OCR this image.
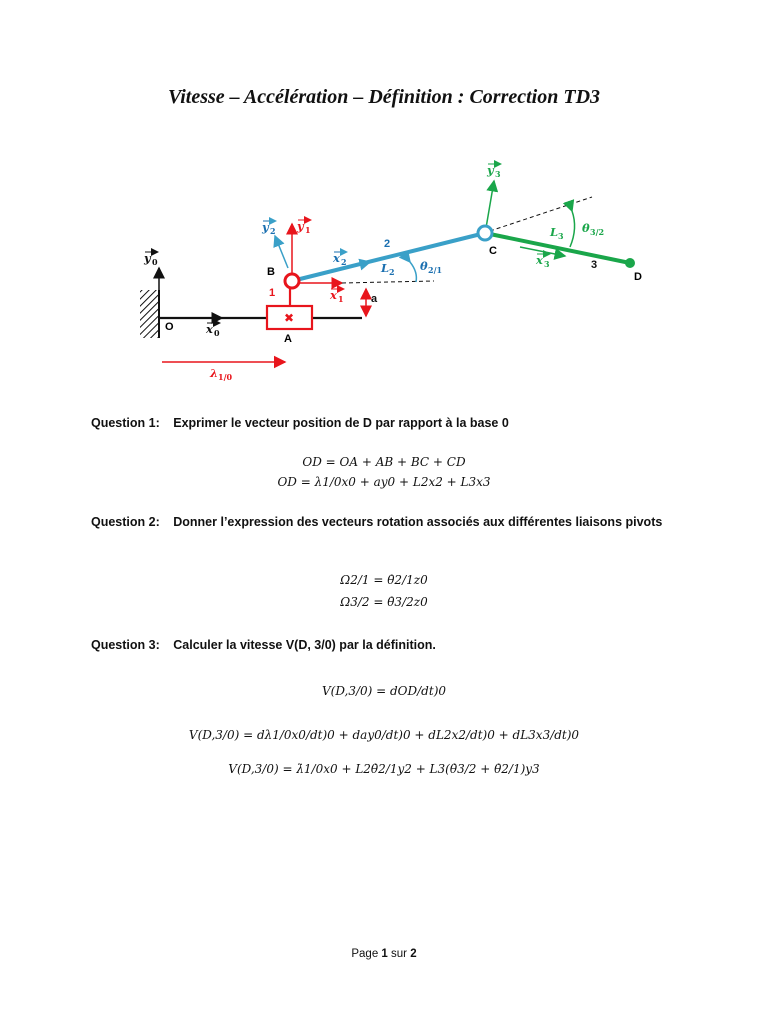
Vitesse – Accélération – Définition : Correction TD3
✖
O
A
B
C
D
1
2
3
a
y 0
x 0
x 1
y 1
y 2
x 2	x 3
y 3
λ 1/0
L 2
L 3
θ 2/1
θ 3/2
Question 1: Exprimer le vecteur position de D par rapport à la base 0
OD = OA + AB + BC + CD
OD = λ1/0x0 + ay0 + L2x2 + L3x3
Question 2: Donner l’expression des vecteurs rotation associés aux différentes liaisons pivots
Ω2/1 = θ̇2/1z0
Ω3/2 = θ̇3/2z0
Question 3: Calculer la vitesse V(D, 3/0) par la définition.
V(D,3/0) = dOD/dt)0
V(D,3/0) = dλ1/0x0/dt)0 + day0/dt)0 + dL2x2/dt)0 + dL3x3/dt)0
V(D,3/0) = λ̇1/0x0 + L2θ̇2/1y2 + L3(θ̇3/2 + θ̇2/1)y3
Page 1 sur 2
